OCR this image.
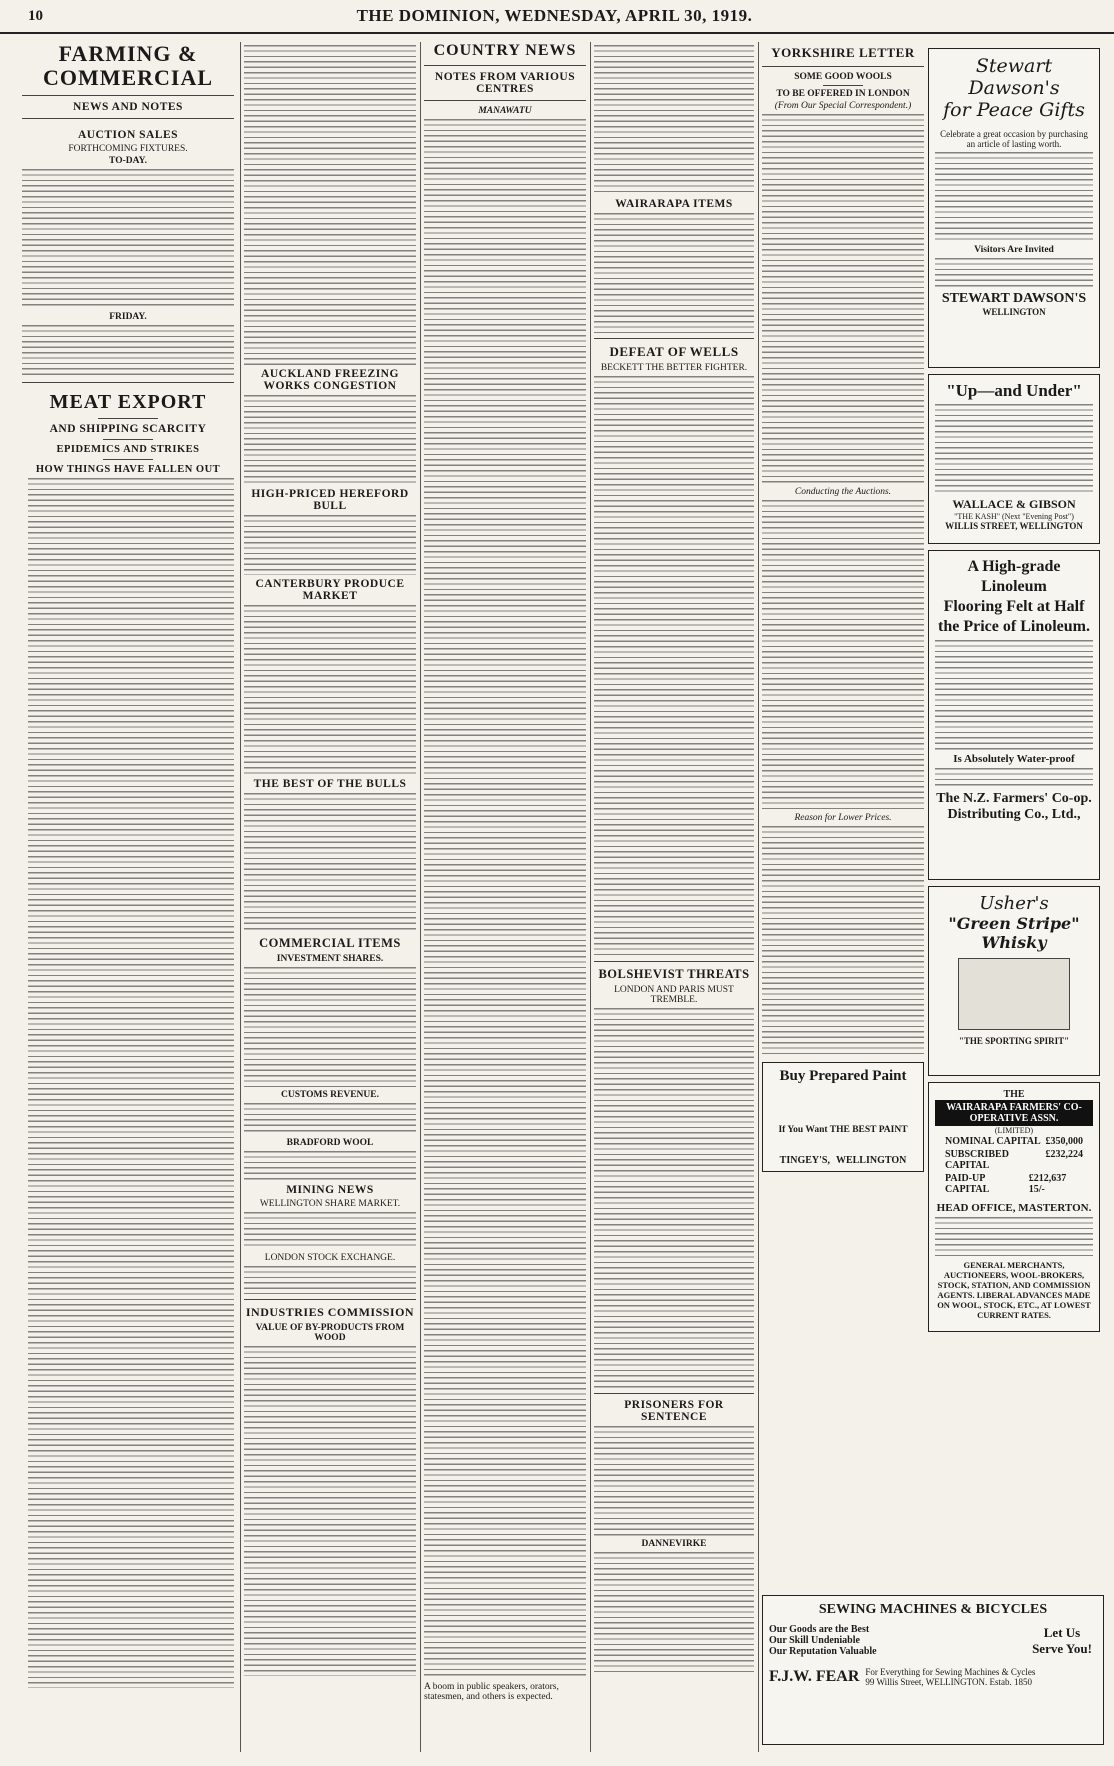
10	THE DOMINION, WEDNESDAY, APRIL 30, 1919.
FARMING & COMMERCIAL
NEWS AND NOTES
AUCTION SALES
FORTHCOMING FIXTURES.
TO-DAY.
FRIDAY.
MEAT EXPORT
AND SHIPPING SCARCITY
EPIDEMICS AND STRIKES
HOW THINGS HAVE FALLEN OUT
AUCKLAND FREEZING WORKS CONGESTION
HIGH-PRICED HEREFORD BULL
CANTERBURY PRODUCE MARKET
THE BEST OF THE BULLS
COMMERCIAL ITEMS
INVESTMENT SHARES.
CUSTOMS REVENUE.
BRADFORD WOOL
MINING NEWS
WELLINGTON SHARE MARKET.
LONDON STOCK EXCHANGE.
INDUSTRIES COMMISSION
VALUE OF BY-PRODUCTS FROM WOOD
COUNTRY NEWS
NOTES FROM VARIOUS CENTRES
MANAWATU
A boom in public speakers, orators, statesmen, and others is expected.
WAIRARAPA ITEMS
DEFEAT OF WELLS
BECKETT THE BETTER FIGHTER.
BOLSHEVIST THREATS
LONDON AND PARIS MUST TREMBLE.
PRISONERS FOR SENTENCE
DANNEVIRKE
YORKSHIRE LETTER
SOME GOOD WOOLS
TO BE OFFERED IN LONDON
(From Our Special Correspondent.)
Conducting the Auctions.
Reason for Lower Prices.
Buy Prepared Paint
If You Want THE BEST PAINT
TINGEY'S, WELLINGTON
Stewart Dawson's
for Peace Gifts
Celebrate a great occasion by purchasing an article of lasting worth.
Visitors Are Invited
STEWART DAWSON'S
WELLINGTON
"Up—and Under"
WALLACE & GIBSON
"THE KASH" (Next "Evening Post")
WILLIS STREET, WELLINGTON
A High-grade Linoleum
Flooring Felt at Half
the Price of Linoleum.
Is Absolutely Water-proof
The N.Z. Farmers' Co-op.
Distributing Co., Ltd.,
Usher's
"Green Stripe"
Whisky
"THE SPORTING SPIRIT"
THE
WAIRARAPA FARMERS' CO-OPERATIVE ASSN.
(LIMITED)
NOMINAL CAPITAL £350,000
SUBSCRIBED CAPITAL
£232,224
PAID-UP CAPITAL
£212,637 15/-
HEAD OFFICE, MASTERTON.
GENERAL MERCHANTS, AUCTIONEERS, WOOL-BROKERS, STOCK, STATION, AND COMMISSION AGENTS. LIBERAL ADVANCES MADE ON WOOL, STOCK, ETC., AT LOWEST CURRENT RATES.
SEWING MACHINES & BICYCLES
Our Goods are the Best
Our Skill Undeniable
Our Reputation Valuable
Let Us Serve You!
F.J.W. FEAR For Everything for Sewing Machines & Cycles
99 Willis Street, WELLINGTON. Estab. 1850
